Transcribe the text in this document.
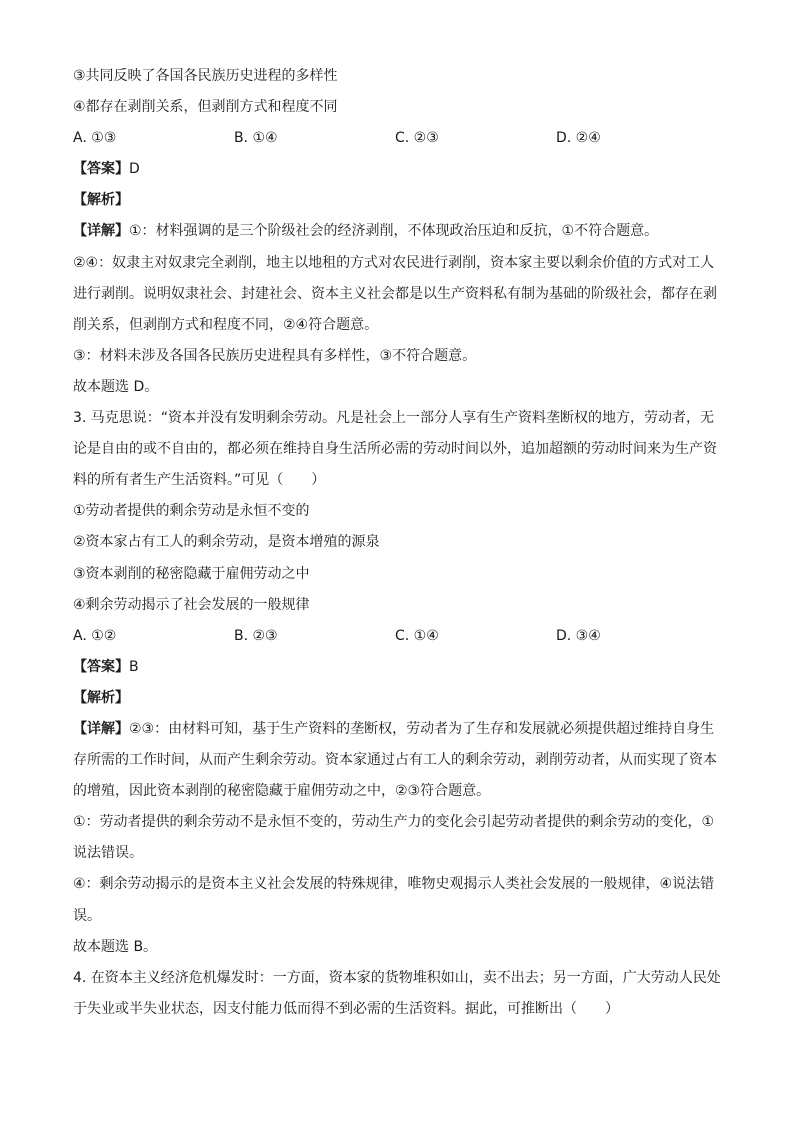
③共同反映了各国各民族历史进程的多样性
④都存在剥削关系，但剥削方式和程度不同
A. ①③	B. ①④	C. ②③	D. ②④
【答案】D
【解析】
【详解】①：材料强调的是三个阶级社会的经济剥削，不体现政治压迫和反抗，①不符合题意。
②④：奴隶主对奴隶完全剥削，地主以地租的方式对农民进行剥削，资本家主要以剩余价值的方式对工人
进行剥削。说明奴隶社会、封建社会、资本主义社会都是以生产资料私有制为基础的阶级社会，都存在剥
削关系，但剥削方式和程度不同，②④符合题意。
③：材料未涉及各国各民族历史进程具有多样性，③不符合题意。
故本题选 D。
3. 马克思说：“资本并没有发明剩余劳动。凡是社会上一部分人享有生产资料垄断权的地方，劳动者，无
论是自由的或不自由的，都必须在维持自身生活所必需的劳动时间以外，追加超额的劳动时间来为生产资
料的所有者生产生活资料。”可见（　　）
①劳动者提供的剩余劳动是永恒不变的
②资本家占有工人的剩余劳动，是资本增殖的源泉
③资本剥削的秘密隐藏于雇佣劳动之中
④剩余劳动揭示了社会发展的一般规律
A. ①②	B. ②③	C. ①④	D. ③④
【答案】B
【解析】
【详解】②③：由材料可知，基于生产资料的垄断权，劳动者为了生存和发展就必须提供超过维持自身生
存所需的工作时间，从而产生剩余劳动。资本家通过占有工人的剩余劳动，剥削劳动者，从而实现了资本
的增殖，因此资本剥削的秘密隐藏于雇佣劳动之中，②③符合题意。
①：劳动者提供的剩余劳动不是永恒不变的，劳动生产力的变化会引起劳动者提供的剩余劳动的变化，①
说法错误。
④：剩余劳动揭示的是资本主义社会发展的特殊规律，唯物史观揭示人类社会发展的一般规律，④说法错
误。
故本题选 B。
4. 在资本主义经济危机爆发时：一方面，资本家的货物堆积如山，卖不出去；另一方面，广大劳动人民处
于失业或半失业状态，因支付能力低而得不到必需的生活资料。据此，可推断出（　　）
